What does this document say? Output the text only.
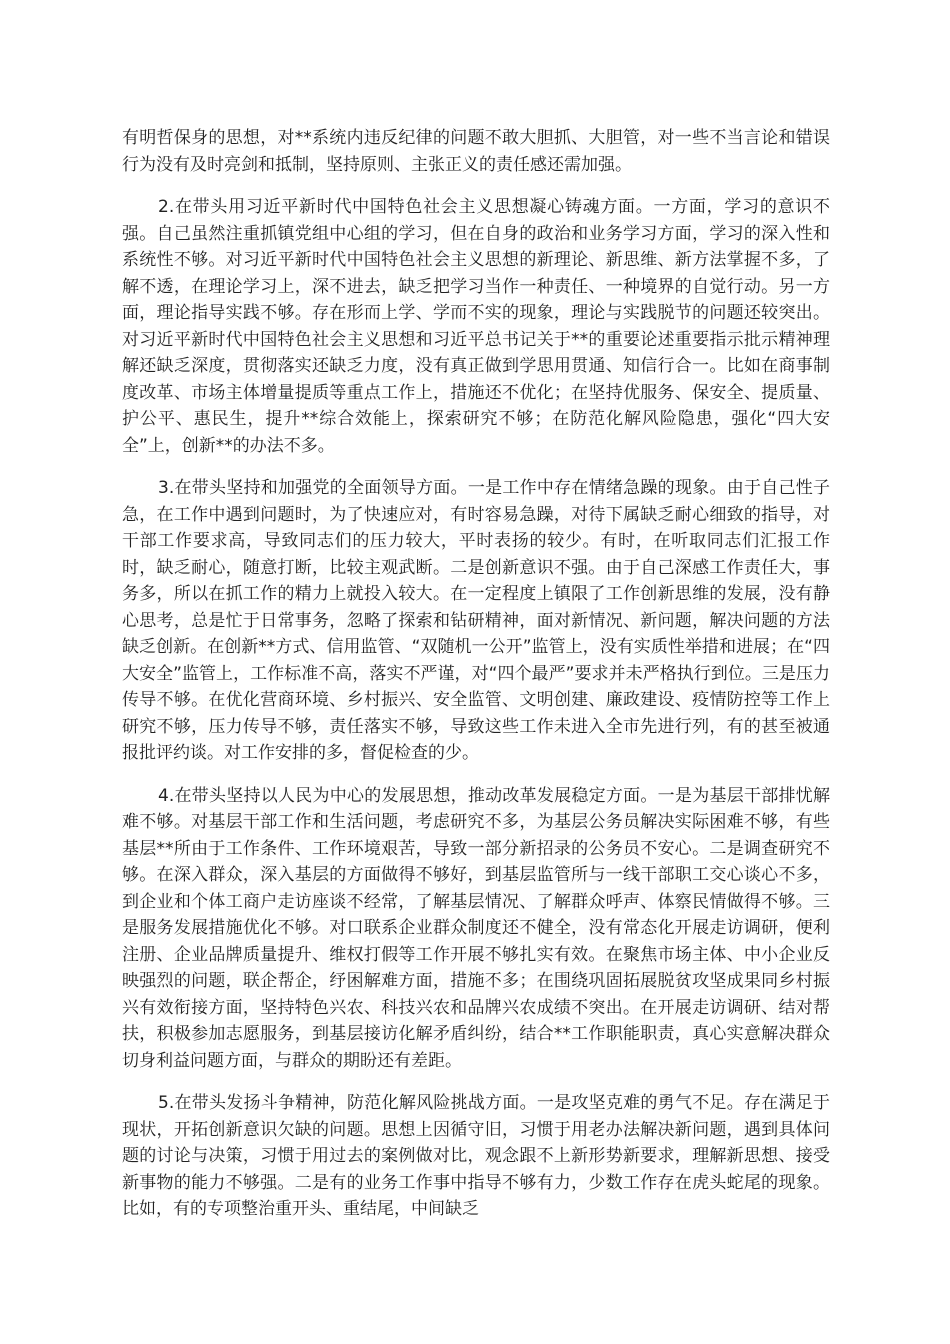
有明哲保身的思想，对**系统内违反纪律的问题不敢大胆抓、大胆管，对一些不当言论和错误行为没有及时亮剑和抵制，坚持原则、主张正义的责任感还需加强。

2.在带头用习近平新时代中国特色社会主义思想凝心铸魂方面。一方面，学习的意识不强。自己虽然注重抓镇党组中心组的学习，但在自身的政治和业务学习方面，学习的深入性和系统性不够。对习近平新时代中国特色社会主义思想的新理论、新思维、新方法掌握不多，了解不透，在理论学习上，深不进去，缺乏把学习当作一种责任、一种境界的自觉行动。另一方面，理论指导实践不够。存在形而上学、学而不实的现象，理论与实践脱节的问题还较突出。对习近平新时代中国特色社会主义思想和习近平总书记关于**的重要论述重要指示批示精神理解还缺乏深度，贯彻落实还缺乏力度，没有真正做到学思用贯通、知信行合一。比如在商事制度改革、市场主体增量提质等重点工作上，措施还不优化；在坚持优服务、保安全、提质量、护公平、惠民生，提升**综合效能上，探索研究不够；在防范化解风险隐患，强化“四大安全”上，创新**的办法不多。

3.在带头坚持和加强党的全面领导方面。一是工作中存在情绪急躁的现象。由于自己性子急，在工作中遇到问题时，为了快速应对，有时容易急躁，对待下属缺乏耐心细致的指导，对干部工作要求高，导致同志们的压力较大，平时表扬的较少。有时，在听取同志们汇报工作时，缺乏耐心，随意打断，比较主观武断。二是创新意识不强。由于自己深感工作责任大，事务多，所以在抓工作的精力上就投入较大。在一定程度上镇限了工作创新思维的发展，没有静心思考，总是忙于日常事务，忽略了探索和钻研精神，面对新情况、新问题，解决问题的方法缺乏创新。在创新**方式、信用监管、“双随机一公开”监管上，没有实质性举措和进展；在“四大安全”监管上，工作标准不高，落实不严谨，对“四个最严”要求并未严格执行到位。三是压力传导不够。在优化营商环境、乡村振兴、安全监管、文明创建、廉政建设、疫情防控等工作上研究不够，压力传导不够，责任落实不够，导致这些工作未进入全市先进行列，有的甚至被通报批评约谈。对工作安排的多，督促检查的少。

4.在带头坚持以人民为中心的发展思想，推动改革发展稳定方面。一是为基层干部排忧解难不够。对基层干部工作和生活问题，考虑研究不多，为基层公务员解决实际困难不够，有些基层**所由于工作条件、工作环境艰苦，导致一部分新招录的公务员不安心。二是调查研究不够。在深入群众，深入基层的方面做得不够好，到基层监管所与一线干部职工交心谈心不多，到企业和个体工商户走访座谈不经常，了解基层情况、了解群众呼声、体察民情做得不够。三是服务发展措施优化不够。对口联系企业群众制度还不健全，没有常态化开展走访调研，便利注册、企业品牌质量提升、维权打假等工作开展不够扎实有效。在聚焦市场主体、中小企业反映强烈的问题，联企帮企，纾困解难方面，措施不多；在围绕巩固拓展脱贫攻坚成果同乡村振兴有效衔接方面，坚持特色兴农、科技兴农和品牌兴农成绩不突出。在开展走访调研、结对帮扶，积极参加志愿服务，到基层接访化解矛盾纠纷，结合**工作职能职责，真心实意解决群众切身利益问题方面，与群众的期盼还有差距。

5.在带头发扬斗争精神，防范化解风险挑战方面。一是攻坚克难的勇气不足。存在满足于现状，开拓创新意识欠缺的问题。思想上因循守旧，习惯于用老办法解决新问题，遇到具体问题的讨论与决策，习惯于用过去的案例做对比，观念跟不上新形势新要求，理解新思想、接受新事物的能力不够强。二是有的业务工作事中指导不够有力，少数工作存在虎头蛇尾的现象。比如，有的专项整治重开头、重结尾，中间缺乏
